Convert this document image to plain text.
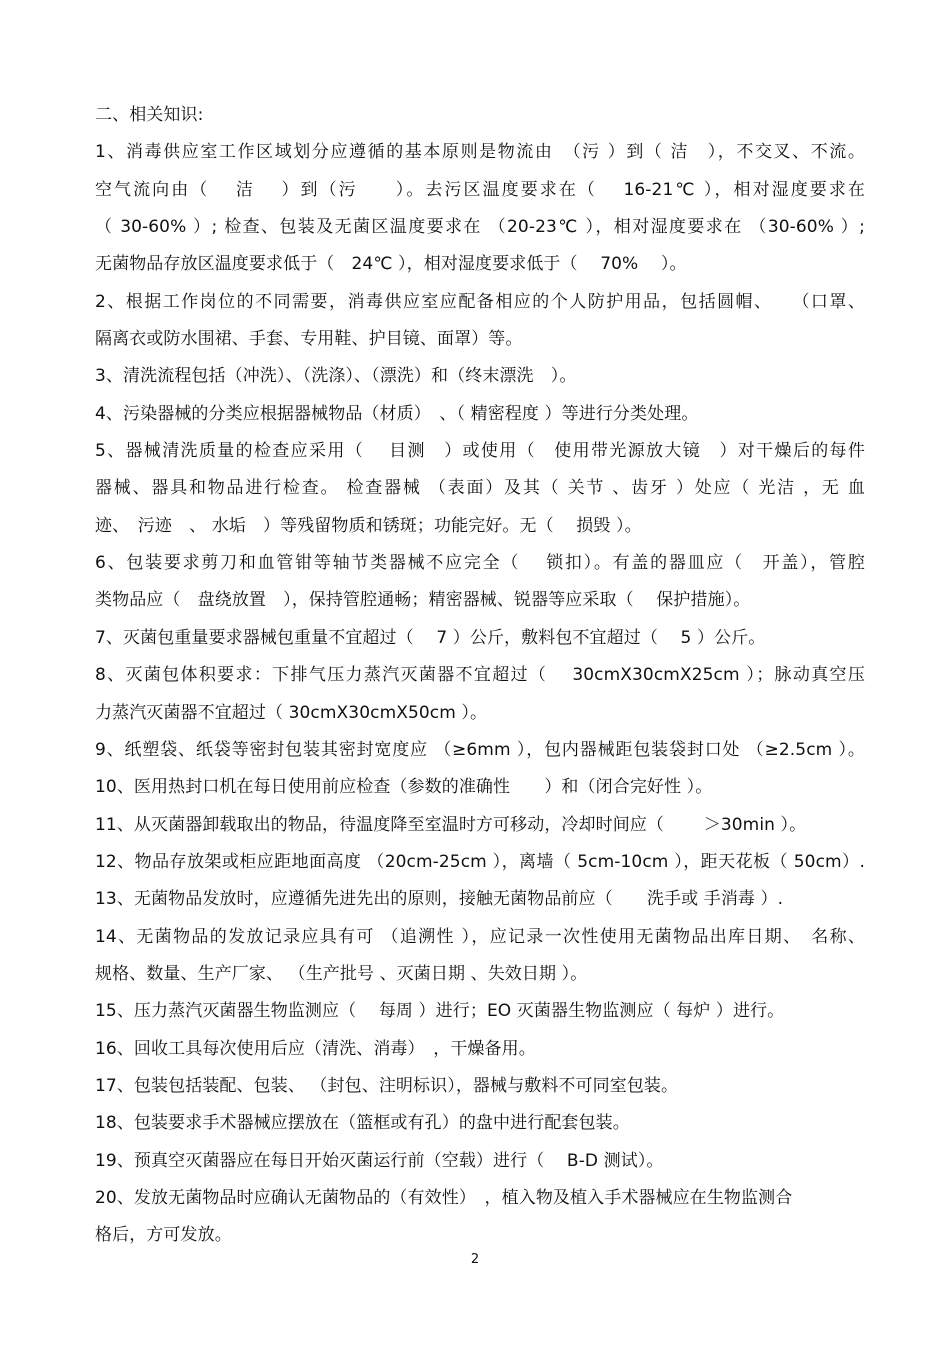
二、相关知识:
1、消毒供应室工作区域划分应遵循的基本原则是物流由　（污 ）到（ 洁　），不交叉、不流。
空气流向由（　 洁　 ）到（污　　）。去污区温度要求在（　 16-21℃ ），相对湿度要求在
（ 30-60% ）; 检查、包装及无菌区温度要求在 （20-23℃ ），相对湿度要求在 （30-60% ）;
无菌物品存放区温度要求低于（　24℃ ），相对湿度要求低于（　 70%　 ）。
2、根据工作岗位的不同需要，消毒供应室应配备相应的个人防护用品，包括圆帽、　　（口罩、
隔离衣或防水围裙、手套、专用鞋、护目镜、面罩）等。
3、清洗流程包括（冲洗）、（洗涤）、（漂洗）和（终末漂洗　）。
4、污染器械的分类应根据器械物品（材质）　、（ 精密程度 ）等进行分类处理。
5、器械清洗质量的检查应采用（　 目测　）或使用（　使用带光源放大镜　）对干燥后的每件
器械、器具和物品进行检查。 检查器械 （表面）及其（ 关节 、齿牙 ）处应（ 光洁 ，无 血
迹、　污迹　、 水垢　）等残留物质和锈斑；功能完好。无（　 损毁 ）。
6、包装要求剪刀和血管钳等轴节类器械不应完全（　 锁扣）。有盖的器皿应（　开盖），管腔
类物品应（　盘绕放置　），保持管腔通畅；精密器械、锐器等应采取（　 保护措施）。
7、灭菌包重量要求器械包重量不宜超过（　 7 ）公斤，敷料包不宜超过（　 5 ）公斤。
8、灭菌包体积要求：下排气压力蒸汽灭菌器不宜超过（　 30cmX30cmX25cm ）；脉动真空压
力蒸汽灭菌器不宜超过（ 30cmX30cmX50cm ）。
9、纸塑袋、纸袋等密封包装其密封宽度应 （≥6mm ），包内器械距包装袋封口处 （≥2.5cm ）。
10、医用热封口机在每日使用前应检查（参数的准确性　　）和（闭合完好性 ）。
11、从灭菌器卸载取出的物品，待温度降至室温时方可移动，冷却时间应（　　 ＞30min ）。
12、物品存放架或柜应距地面高度 （20cm-25cm ），离墙（ 5cm-10cm ），距天花板（ 50cm）.
13、无菌物品发放时，应遵循先进先出的原则，接触无菌物品前应（　　洗手或 手消毒 ）.
14、无菌物品的发放记录应具有可 （追溯性 ），应记录一次性使用无菌物品出库日期、　名称、
规格、数量、生产厂家、 （生产批号 、灭菌日期 、失效日期 ）。
15、压力蒸汽灭菌器生物监测应（　 每周 ）进行；EO 灭菌器生物监测应（ 每炉 ）进行。
16、回收工具每次使用后应（清洗、消毒）　，干燥备用。
17、包装包括装配、包装、 （封包、注明标识），器械与敷料不可同室包装。
18、包装要求手术器械应摆放在（篮框或有孔）的盘中进行配套包装。
19、预真空灭菌器应在每日开始灭菌运行前（空载）进行（　 B-D 测试）。
20、发放无菌物品时应确认无菌物品的（有效性）　，植入物及植入手术器械应在生物监测合
格后，方可发放。
2
